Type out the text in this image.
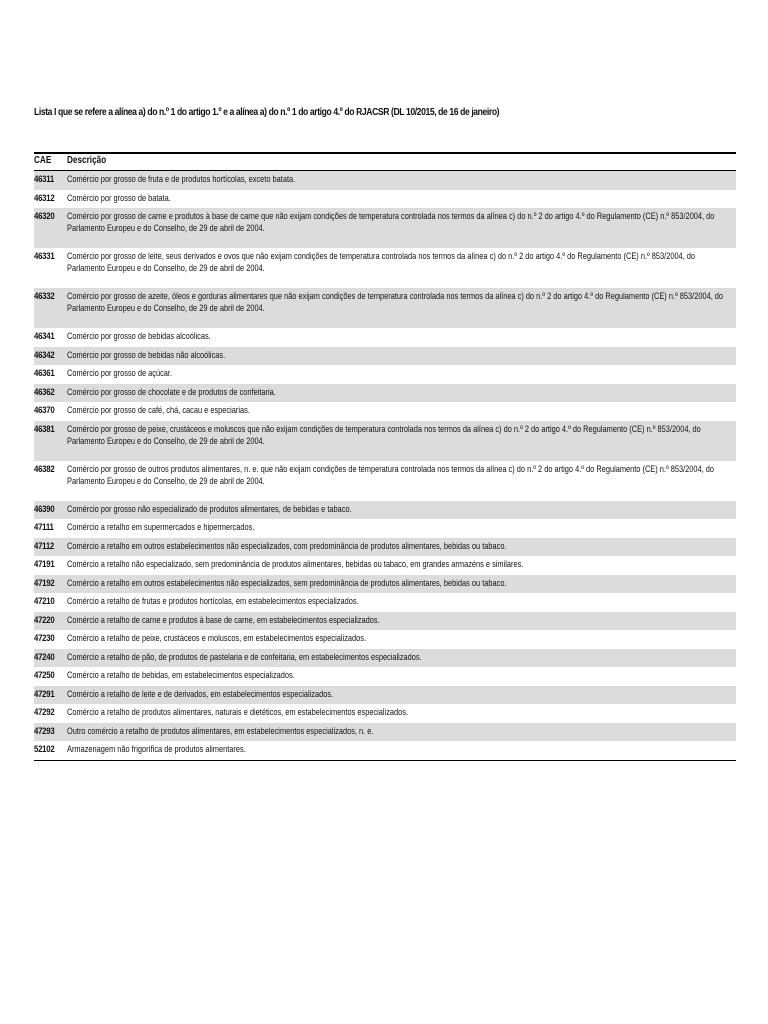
Lista I que se refere a alínea a) do n.º 1 do artigo 1.º e a alínea a) do n.º 1 do artigo 4.º do RJACSR (DL 10/2015, de 16 de janeiro)
CAE	Descrição

46311	Comércio por grosso de fruta e de produtos hortícolas, exceto batata.

46312	Comércio por grosso de batata.

46320	Comércio por grosso de carne e produtos à base de carne que não exijam condições de temperatura controlada nos termos da alínea c) do n.º 2 do artigo 4.º do Regulamento (CE) n.º 853/2004, do Parlamento Europeu e do Conselho, de 29 de abril de 2004.

46331	Comércio por grosso de leite, seus derivados e ovos que não exijam condições de temperatura controlada nos termos da alínea c) do n.º 2 do artigo 4.º do Regulamento (CE) n.º 853/2004, do Parlamento Europeu e do Conselho, de 29 de abril de 2004.

46332	Comércio por grosso de azeite, óleos e gorduras alimentares que não exijam condições de temperatura controlada nos termos da alínea c) do n.º 2 do artigo 4.º do Regulamento (CE) n.º 853/2004, do Parlamento Europeu e do Conselho, de 29 de abril de 2004.

46341	Comércio por grosso de bebidas alcoólicas.

46342	Comércio por grosso de bebidas não alcoólicas.

46361	Comércio por grosso de açúcar.

46362	Comércio por grosso de chocolate e de produtos de confeitaria.

46370	Comércio por grosso de café, chá, cacau e especiarias.

46381	Comércio por grosso de peixe, crustáceos e moluscos que não exijam condições de temperatura controlada nos termos da alínea c) do n.º 2 do artigo 4.º do Regulamento (CE) n.º 853/2004, do Parlamento Europeu e do Conselho, de 29 de abril de 2004.

46382	Comércio por grosso de outros produtos alimentares, n. e. que não exijam condições de temperatura controlada nos termos da alínea c) do n.º 2 do artigo 4.º do Regulamento (CE) n.º 853/2004, do Parlamento Europeu e do Conselho, de 29 de abril de 2004.

46390	Comércio por grosso não especializado de produtos alimentares, de bebidas e tabaco.

47111	Comércio a retalho em supermercados e hipermercados.

47112	Comércio a retalho em outros estabelecimentos não especializados, com predominância de produtos alimentares, bebidas ou tabaco.

47191	Comércio a retalho não especializado, sem predominância de produtos alimentares, bebidas ou tabaco, em grandes armazéns e similares.

47192	Comércio a retalho em outros estabelecimentos não especializados, sem predominância de produtos alimentares, bebidas ou tabaco.

47210	Comércio a retalho de frutas e produtos hortícolas, em estabelecimentos especializados.

47220	Comércio a retalho de carne e produtos à base de carne, em estabelecimentos especializados.

47230	Comércio a retalho de peixe, crustáceos e moluscos, em estabelecimentos especializados.

47240	Comércio a retalho de pão, de produtos de pastelaria e de confeitaria, em estabelecimentos especializados.

47250	Comércio a retalho de bebidas, em estabelecimentos especializados.

47291	Comércio a retalho de leite e de derivados, em estabelecimentos especializados.

47292	Comércio a retalho de produtos alimentares, naturais e dietéticos, em estabelecimentos especializados.

47293	Outro comércio a retalho de produtos alimentares, em estabelecimentos especializados, n. e.

52102	Armazenagem não frigorífica de produtos alimentares.
